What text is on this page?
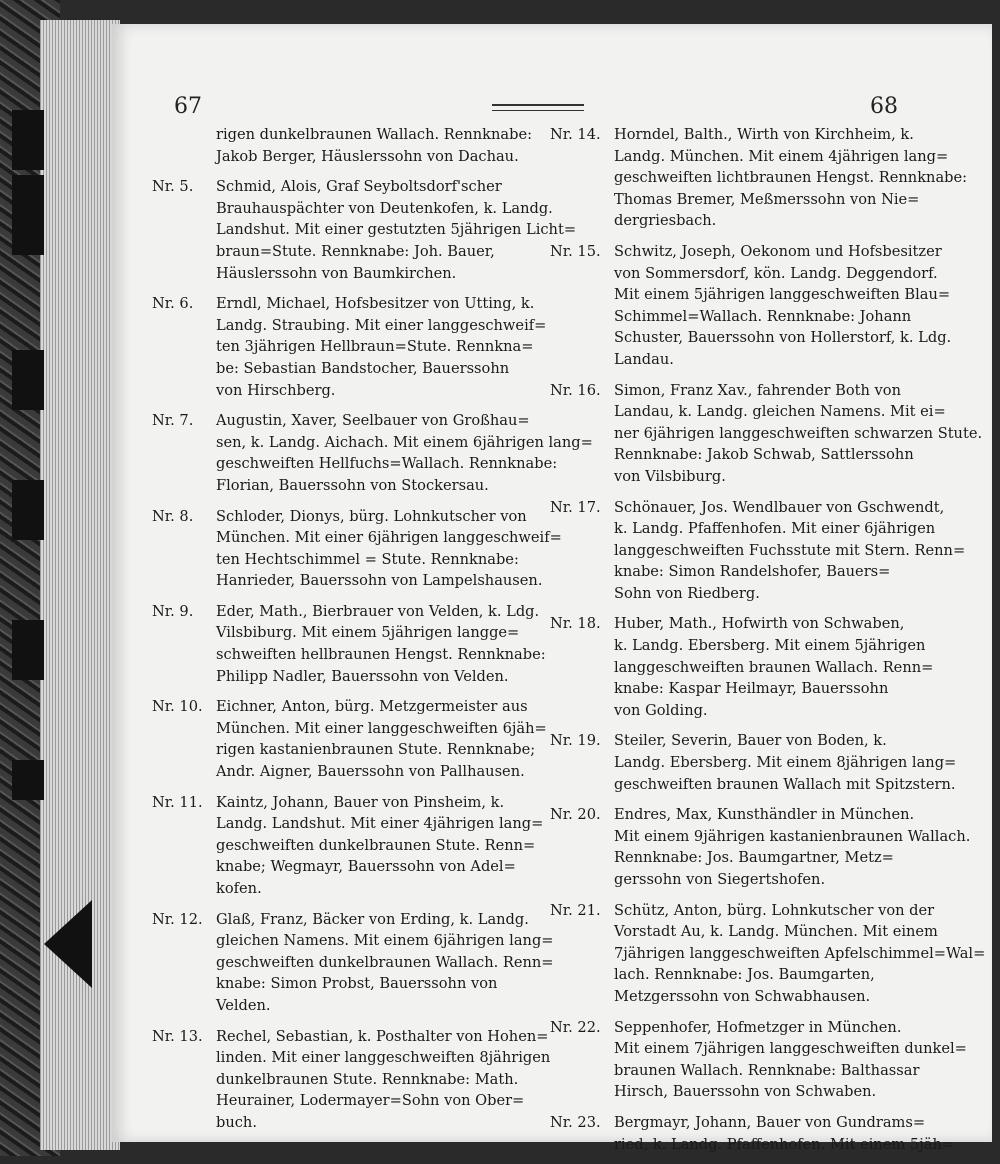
67	68
rigen dunkelbraunen Wallach. Rennknabe:
Jakob Berger, Häuslerssohn von Dachau.
Nr. 5.	Schmid, Alois, Graf Seyboltsdorf'scher
Brauhauspächter von Deutenkofen, k. Landg.
Landshut. Mit einer gestutzten 5jährigen Licht=
braun=Stute. Rennknabe: Joh. Bauer,
Häuslerssohn von Baumkirchen.
Nr. 6.	Erndl, Michael, Hofsbesitzer von Utting, k.
Landg. Straubing. Mit einer langgeschweif=
ten 3jährigen Hellbraun=Stute. Rennkna=
be: Sebastian Bandstocher, Bauerssohn
von Hirschberg.
Nr. 7.	Augustin, Xaver, Seelbauer von Großhau=
sen, k. Landg. Aichach. Mit einem 6jährigen lang=
geschweiften Hellfuchs=Wallach. Rennknabe:
Florian, Bauerssohn von Stockersau.
Nr. 8.	Schloder, Dionys, bürg. Lohnkutscher von
München. Mit einer 6jährigen langgeschweif=
ten Hechtschimmel = Stute. Rennknabe:
Hanrieder, Bauerssohn von Lampelshausen.
Nr. 9.	Eder, Math., Bierbrauer von Velden, k. Ldg.
Vilsbiburg. Mit einem 5jährigen langge=
schweiften hellbraunen Hengst. Rennknabe:
Philipp Nadler, Bauerssohn von Velden.
Nr. 10. Eichner, Anton, bürg. Metzgermeister aus
München. Mit einer langgeschweiften 6jäh=
rigen kastanienbraunen Stute. Rennknabe;
Andr. Aigner, Bauerssohn von Pallhausen.
Nr. 11. Kaintz, Johann, Bauer von Pinsheim, k.
Landg. Landshut. Mit einer 4jährigen lang=
geschweiften dunkelbraunen Stute. Renn=
knabe; Wegmayr, Bauerssohn von Adel=
kofen.
Nr. 12. Glaß, Franz, Bäcker von Erding, k. Landg.
gleichen Namens. Mit einem 6jährigen lang=
geschweiften dunkelbraunen Wallach. Renn=
knabe: Simon Probst, Bauerssohn von
Velden.
Nr. 13. Rechel, Sebastian, k. Posthalter von Hohen=
linden. Mit einer langgeschweiften 8jährigen
dunkelbraunen Stute. Rennknabe: Math.
Heurainer, Lodermayer=Sohn von Ober=
buch.
Nr. 14. Horndel, Balth., Wirth von Kirchheim, k.
Landg. München. Mit einem 4jährigen lang=
geschweiften lichtbraunen Hengst. Rennknabe:
Thomas Bremer, Meßmerssohn von Nie=
dergriesbach.
Nr. 15. Schwitz, Joseph, Oekonom und Hofsbesitzer
von Sommersdorf, kön. Landg. Deggendorf.
Mit einem 5jährigen langgeschweiften Blau=
Schimmel=Wallach. Rennknabe: Johann
Schuster, Bauerssohn von Hollerstorf, k. Ldg.
Landau.
Nr. 16. Simon, Franz Xav., fahrender Both von
Landau, k. Landg. gleichen Namens. Mit ei=
ner 6jährigen langgeschweiften schwarzen Stute.
Rennknabe: Jakob Schwab, Sattlerssohn
von Vilsbiburg.
Nr. 17. Schönauer, Jos. Wendlbauer von Gschwendt,
k. Landg. Pfaffenhofen. Mit einer 6jährigen
langgeschweiften Fuchsstute mit Stern. Renn=
knabe: Simon Randelshofer, Bauers=
Sohn von Riedberg.
Nr. 18. Huber, Math., Hofwirth von Schwaben,
k. Landg. Ebersberg. Mit einem 5jährigen
langgeschweiften braunen Wallach. Renn=
knabe: Kaspar Heilmayr, Bauerssohn
von Golding.
Nr. 19. Steiler, Severin, Bauer von Boden, k.
Landg. Ebersberg. Mit einem 8jährigen lang=
geschweiften braunen Wallach mit Spitzstern.
Nr. 20. Endres, Max, Kunsthändler in München.
Mit einem 9jährigen kastanienbraunen Wallach.
Rennknabe: Jos. Baumgartner, Metz=
gerssohn von Siegertshofen.
Nr. 21. Schütz, Anton, bürg. Lohnkutscher von der
Vorstadt Au, k. Landg. München. Mit einem
7jährigen langgeschweiften Apfelschimmel=Wal=
lach. Rennknabe: Jos. Baumgarten,
Metzgerssohn von Schwabhausen.
Nr. 22. Seppenhofer, Hofmetzger in München.
Mit einem 7jährigen langgeschweiften dunkel=
braunen Wallach. Rennknabe: Balthassar
Hirsch, Bauerssohn von Schwaben.
Nr. 23. Bergmayr, Johann, Bauer von Gundrams=
ried, k. Landg. Pfaffenhofen. Mit einem 5jäh=
